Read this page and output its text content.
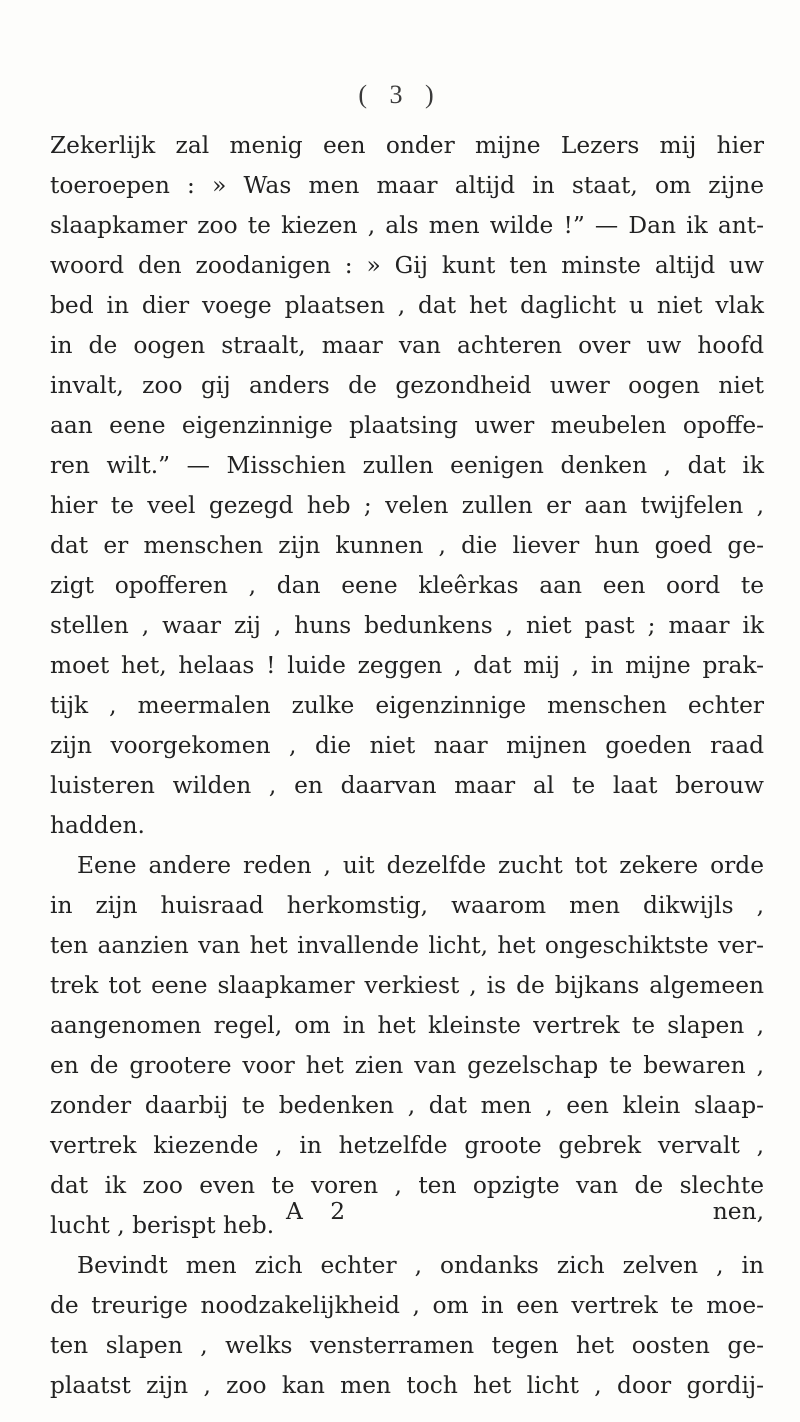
( 3 )
Zekerlijk zal menig een onder mijne Lezers mij hier
toeroepen : » Was men maar altijd in staat, om zijne
slaapkamer zoo te kiezen , als men wilde !” — Dan ik ant-
woord den zoodanigen : » Gij kunt ten minste altijd uw
bed in dier voege plaatsen , dat het daglicht u niet vlak
in de oogen straalt, maar van achteren over uw hoofd
invalt, zoo gij anders de gezondheid uwer oogen niet
aan eene eigenzinnige plaatsing uwer meubelen opoffe-
ren wilt.” — Misschien zullen eenigen denken , dat ik
hier te veel gezegd heb ; velen zullen er aan twijfelen ,
dat er menschen zijn kunnen , die liever hun goed ge-
zigt opofferen , dan eene kleêrkas aan een oord te
stellen , waar zij , huns bedunkens , niet past ; maar ik
moet het, helaas ! luide zeggen , dat mij , in mijne prak-
tijk , meermalen zulke eigenzinnige menschen echter
zijn voorgekomen , die niet naar mijnen goeden raad
luisteren wilden , en daarvan maar al te laat berouw
hadden.
Eene andere reden , uit dezelfde zucht tot zekere orde
in zijn huisraad herkomstig, waarom men dikwijls ,
ten aanzien van het invallende licht, het ongeschiktste ver-
trek tot eene slaapkamer verkiest , is de bijkans algemeen
aangenomen regel, om in het kleinste vertrek te slapen ,
en de grootere voor het zien van gezelschap te bewaren ,
zonder daarbij te bedenken , dat men , een klein slaap-
vertrek kiezende , in hetzelfde groote gebrek vervalt ,
dat ik zoo even te voren , ten opzigte van de slechte
lucht , berispt heb.
Bevindt men zich echter , ondanks zich zelven , in
de treurige noodzakelijkheid , om in een vertrek te moe-
ten slapen , welks vensterramen tegen het oosten ge-
plaatst zijn , zoo kan men toch het licht , door gordij-
A 2	nen,
